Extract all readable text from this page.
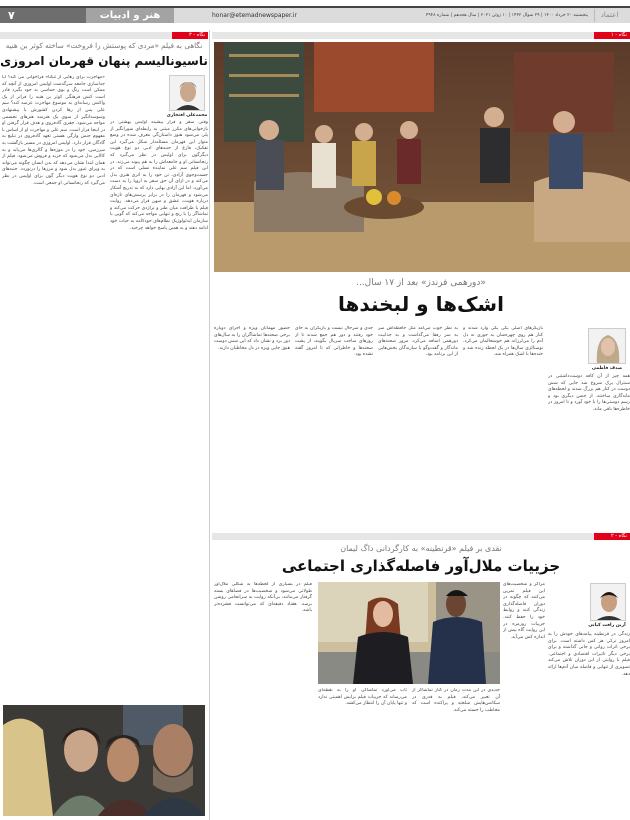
۷	هنر و ادبیات	honar@etemadnewspaper.ir	پنجشنبه ۲۰ خرداد ۱۴۰۰ | ۲۹ شوال ۱۴۴۲ | ۱۰ ژوئن ۲۰۲۱ | سال هجدهم | شماره ۴۹۴۸	اعتماد
نگاه - ۳
نگاهی به فیلم «مردی که پوستش را فروخت» ساخته کوثر بن هنیه
ناسیونالیسم پنهان قهرمان امروزی
محمدعلی افتخاری
«مهاجرت برای رهایی از تنگنا» فراخوانی می کند؟ آیا جداسازی جامعه سرگذشت اولیس امروزی از آنچه که ممکن است رنگ و بوی حماسی به خود بگیرد قادر است کنش فرهنگی کوثر بن هنیه را فراتر از یک واکنش رسانه‌ای به موضوع مهاجرت عرضه کند؟ سم علی پس از رها کردن کشورش با پیشنهادی وسوسه‌انگیز از سوی یک هنرمند هنرهای تجسمی مواجه می‌شود. جفری گادفروی و هدف قرار گرفتن او در اینجا فرار است. سم علی و مهاجرت او از اساس با مفهوم جنس وارگی هستی تعهد گادفروی در تبلیغ به گادگان قرار دارد. اولیس امروزی در مسیر بازگشت به سرزمین، خود را در موزه‌ها و گالری‌ها می‌یابد و به کالایی بدل می‌شود که خرید و فروش می‌شود. فیلم از همان ابتدا نشان می‌دهد که بدن انسان چگونه می‌تواند به ویزای عبور بدل شود و مرزها را درنوردد. جنبه‌های ادبی دو نوع هویت دیگر گون برای اولیس در نظر می‌گیرد که رنجانسانی او جمعی است.
وقتی سفر و فرار پیشینه اولیس بهشتی در بازخوانی‌های مکرر مبتنی به رابطه‌ای شورانگیز از یلی می‌شود هنوز داستان‌گی معرف شده در وضع متوار این قهرمان مسئله‌دار شکل می‌گیرد این تفکیک، فارغ از جنبه‌های ادبی دو نوع هویت دیگرگون برای اولیس در نظر می‌گیرد که رنجانسانی او و جامعه‌اش را به هم پیوند می‌زند. در این فیلم سم علی نماینده نسلی است که در جست‌وجوی آزادی، تن خود را به اثری هنری بدل می‌کند و در ازای آن حق سفر به اروپا را به دست می‌آورد. اما این آزادی بهایی دارد که به تدریج آشکار می‌شود و قهرمان را در برابر پرسش‌های تازه‌ای درباره هویت، عشق و میهن قرار می‌دهد. روایت فیلم با ظرافت میان طنز و تراژدی حرکت می‌کند و تماشاگر را با رنج و تنهایی مواجه می‌کند که گویی با سازمان ایدئولوژیک نظام‌های خودکامه به حیات خود ادامه دهند و به همین پاسخ خواهد چرخید.
نگاه - ۱
«دورهمی فرندز» بعد از ۱۷ سال...
اشک‌ها و لبخندها
صدف فاطمی
همه چیز از آن کافه دوست‌داشتنی در سنترال پرک شروع شد جایی که شش دوست در کنار هم بزرگ شدند و لحظه‌های ماندگاری ساختند. از جنس دیگری بود و رسم دوستی‌ها را با خود آورد و تا امروز در خاطره‌ها باقی ماند.
بازیگرهای اصلی یکی یکی وارد شدند و کنار هم روی چهره‌شان به جوری نه دل آدم را می‌لرزاند هم خوشحالمان می‌کرد. نوستالژی سال‌ها در یک لحظه زنده شد و خنده‌ها با اشک همراه شد.
به نظر خوب می‌آمد مثل حافظه‌اش سر به سر رفقا می‌گذاشت و به جذابیت دورهمی اضافه می‌کرد. مرور صحنه‌های ماندگار و گفت‌وگو با سازندگان بخش‌هایی از این برنامه بود.
جدی و سرحال نیست و بازیگران به جای خود رفتند و دور هم جمع شدند تا از روزهای ساخت سریال بگویند، از پشت صحنه‌ها و خاطراتی که تا امروز گفته نشده بود.
حضور مهمانان ویژه و اجرای دوباره برخی صحنه‌ها تماشاگران را به سال‌های دور برد و نشان داد که این شش دوست هنوز جایی ویژه در دل مخاطبان دارند.
نگاه - ۲
نقدی بر فیلم «قرنطینه» به کارگردانی داگ لیمان
جزییات ملال‌آور فاصله‌گذاری اجتماعی
آرین رافت کیانی
زندگی در قرنطینه پیامدهای خودش را به امروز ترکی هر کس داشته است. برای برخی اثرات روانی و جانی گذاشته و برای برخی دیگر تاثیرات اقتصادی و اجتماعی. فیلم با روایتی از این دوران تلاش می‌کند تصویری از تنهایی و فاصله میان آدم‌ها ارائه دهد.
مراکز و شخصیت‌های این فیلم تمرین می‌کنند که چگونه در دوران فاصله‌گذاری زندگی کنند و روابط خود را حفظ کنند. جزییات روزمره در این روایت گاه بیش از اندازه کش می‌آید.
جدیدی در این مدت زمان در کنار تماشاگر از آن تعبیر می‌کند، فیلم به قدری در سکانس‌هایش شلخته و پراکنده است که مخاطب را خسته می‌کند.
تاب می‌آورد تماشاگر، او را به نقطه‌ای می‌رساند که جزییات فیلم برایش اهمیتی ندارد و تنها پایان آن را انتظار می‌کشد.
فیلم در بسیاری از لحظه‌ها به شکلی ملال‌آور طولانی می‌شود و شخصیت‌ها در فضاهای بسته گرفتار می‌مانند، بی‌آنکه روایت به سرانجامی روشن برسد. هفتاد دقیقه‌ای که می‌توانست فشرده‌تر باشد.
